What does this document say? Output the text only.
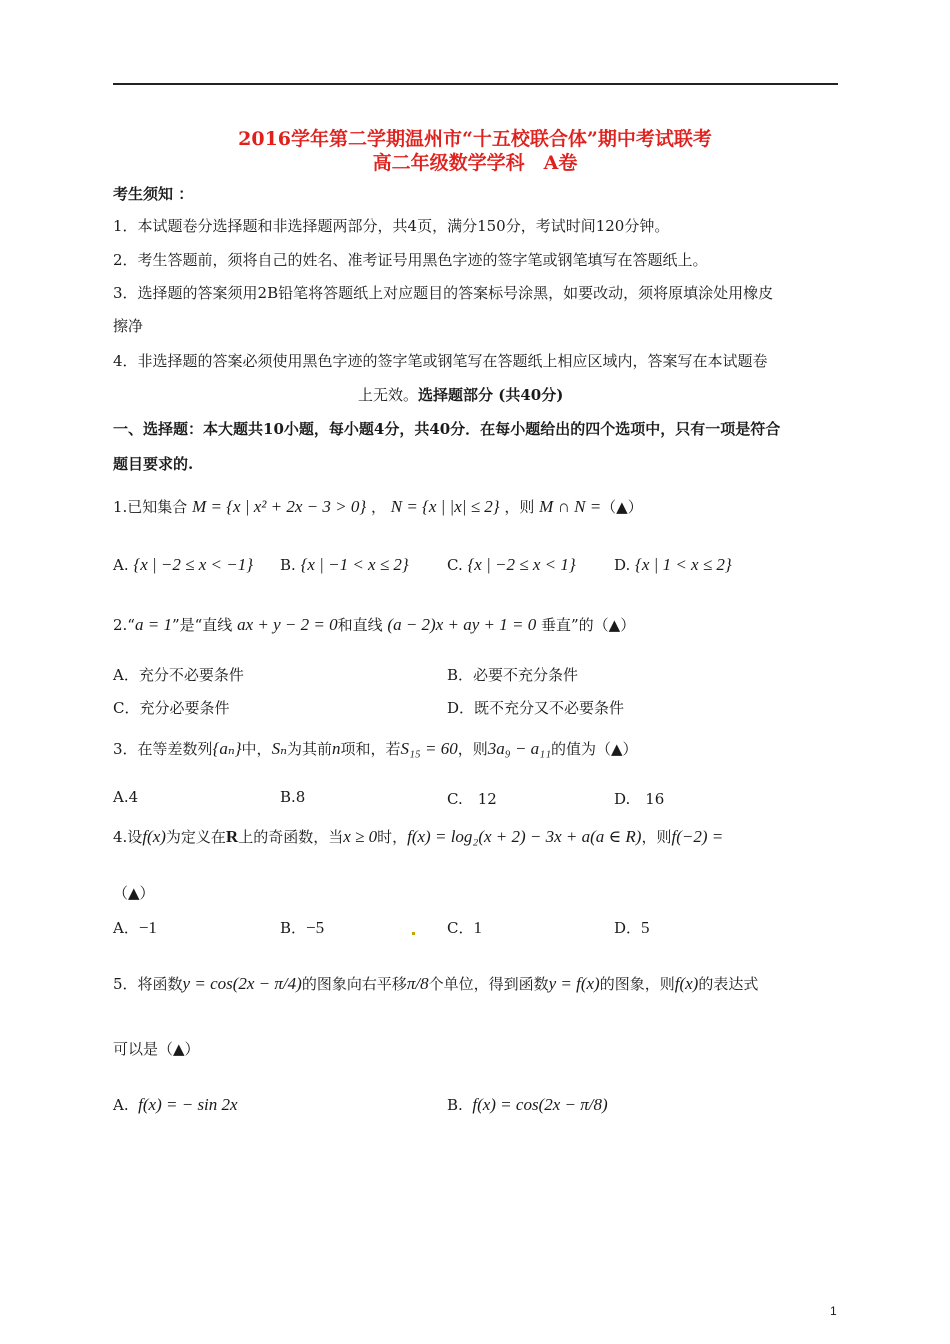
2016学年第二学期温州市“十五校联合体”期中考试联考
高二年级数学学科　A卷
考生须知 ：
1．本试题卷分选择题和非选择题两部分，共4页，满分150分，考试时间120分钟。
2．考生答题前，须将自己的姓名、准考证号用黑色字迹的签字笔或钢笔填写在答题纸上。
3．选择题的答案须用2B铅笔将答题纸上对应题目的答案标号涂黑，如要改动，须将原填涂处用橡皮
擦净
4．非选择题的答案必须使用黑色字迹的签字笔或钢笔写在答题纸上相应区域内，答案写在本试题卷
上无效。选择题部分 (共40分)
一、选择题：本大题共10小题，每小题4分，共40分．在每小题给出的四个选项中，只有一项是符合
题目要求的.
1.已知集合 M = {x | x² + 2x − 3 > 0} ， N = {x | |x| ≤ 2} ，则 M ∩ N =（▲）
A. {x | −2 ≤ x < −1} B. {x | −1 < x ≤ 2}	C. {x | −2 ≤ x < 1}	D. {x | 1 < x ≤ 2}
2.“a = 1”是“直线 ax + y − 2 = 0和直线 (a − 2)x + ay + 1 = 0 垂直”的（▲）
A．充分不必要条件	B．必要不充分条件
C．充分必要条件	D．既不充分又不必要条件
3．在等差数列{aₙ}中，Sₙ为其前n项和，若S₁₅ = 60，则3a₉ − a₁₁的值为（▲）
A.4	B.8	C.　12	D.　16
4.设f(x)为定义在R上的奇函数，当x ≥ 0时，f(x) = log₂(x + 2) − 3x + a(a ∈ R)，则f(−2) =
（▲）
A．−1	B．−5	C．1	D．5
5．将函数y = cos(2x − π/4)的图象向右平移π/8个单位，得到函数y = f(x)的图象，则f(x)的表达式
可以是（▲）
A. f(x) = − sin 2x	B. f(x) = cos(2x − π/8)
1
